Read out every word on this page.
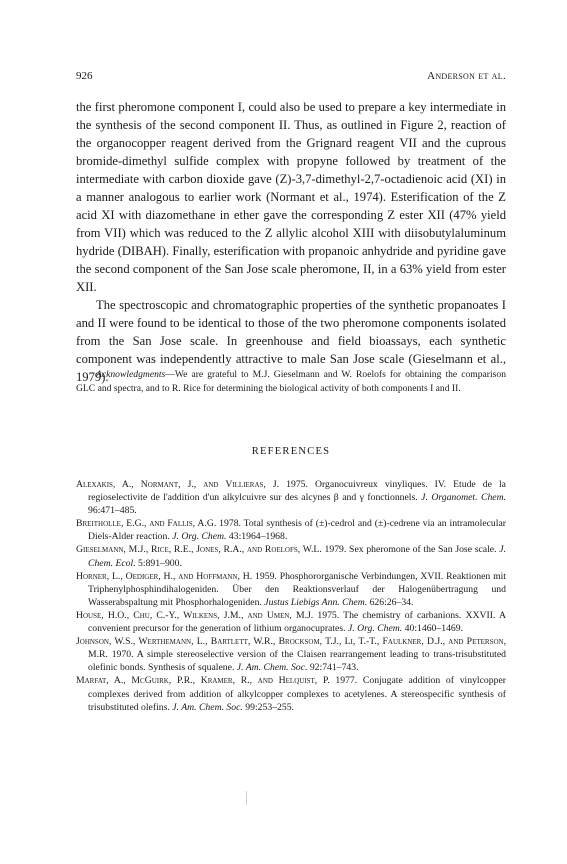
926	Anderson et al.

the first pheromone component I, could also be used to prepare a key intermediate in the synthesis of the second component II. Thus, as outlined in Figure 2, reaction of the organocopper reagent derived from the Grignard reagent VII and the cuprous bromide-dimethyl sulfide complex with propyne followed by treatment of the intermediate with carbon dioxide gave (Z)-3,7-dimethyl-2,7-octadienoic acid (XI) in a manner analogous to earlier work (Normant et al., 1974). Esterification of the Z acid XI with diazomethane in ether gave the corresponding Z ester XII (47% yield from VII) which was reduced to the Z allylic alcohol XIII with diisobutylaluminum hydride (DIBAH). Finally, esterification with propanoic anhydride and pyridine gave the second component of the San Jose scale pheromone, II, in a 63% yield from ester XII.

The spectroscopic and chromatographic properties of the synthetic propanoates I and II were found to be identical to those of the two pheromone components isolated from the San Jose scale. In greenhouse and field bioassays, each synthetic component was independently attractive to male San Jose scale (Gieselmann et al., 1979).

Acknowledgments—We are grateful to M.J. Gieselmann and W. Roelofs for obtaining the comparison GLC and spectra, and to R. Rice for determining the biological activity of both components I and II.
REFERENCES

Alexakis, A., Normant, J., and Villieras, J. 1975. Organocuivreux vinyliques. IV. Etude de la regioselectivite de l'addition d'un alkylcuivre sur des alcynes β and γ fonctionnels. J. Organomet. Chem. 96:471–485.

Breitholle, E.G., and Fallis, A.G. 1978. Total synthesis of (±)-cedrol and (±)-cedrene via an intramolecular Diels-Alder reaction. J. Org. Chem. 43:1964–1968.

Gieselmann, M.J., Rice, R.E., Jones, R.A., and Roelofs, W.L. 1979. Sex pheromone of the San Jose scale. J. Chem. Ecol. 5:891–900.

Horner, L., Oediger, H., and Hoffmann, H. 1959. Phosphororganische Verbindungen, XVII. Reaktionen mit Triphenylphosphindihalogeniden. Über den Reaktionsverlauf der Halogenübertragung und Wasserabspaltung mit Phosphorhalogeniden. Justus Liebigs Ann. Chem. 626:26–34.

House, H.O., Chu, C.-Y., Wilkens, J.M., and Umen, M.J. 1975. The chemistry of carbanions. XXVII. A convenient precursor for the generation of lithium organocuprates. J. Org. Chem. 40:1460–1469.

Johnson, W.S., Werthemann, L., Bartlett, W.R., Brocksom, T.J., Li, T.-T., Faulkner, D.J., and Peterson, M.R. 1970. A simple stereoselective version of the Claisen rearrangement leading to trans-trisubstituted olefinic bonds. Synthesis of squalene. J. Am. Chem. Soc. 92:741–743.

Marfat, A., McGuirk, P.R., Kramer, R., and Helquist, P. 1977. Conjugate addition of vinylcopper complexes derived from addition of alkylcopper complexes to acetylenes. A stereospecific synthesis of trisubstituted olefins. J. Am. Chem. Soc. 99:253–255.
